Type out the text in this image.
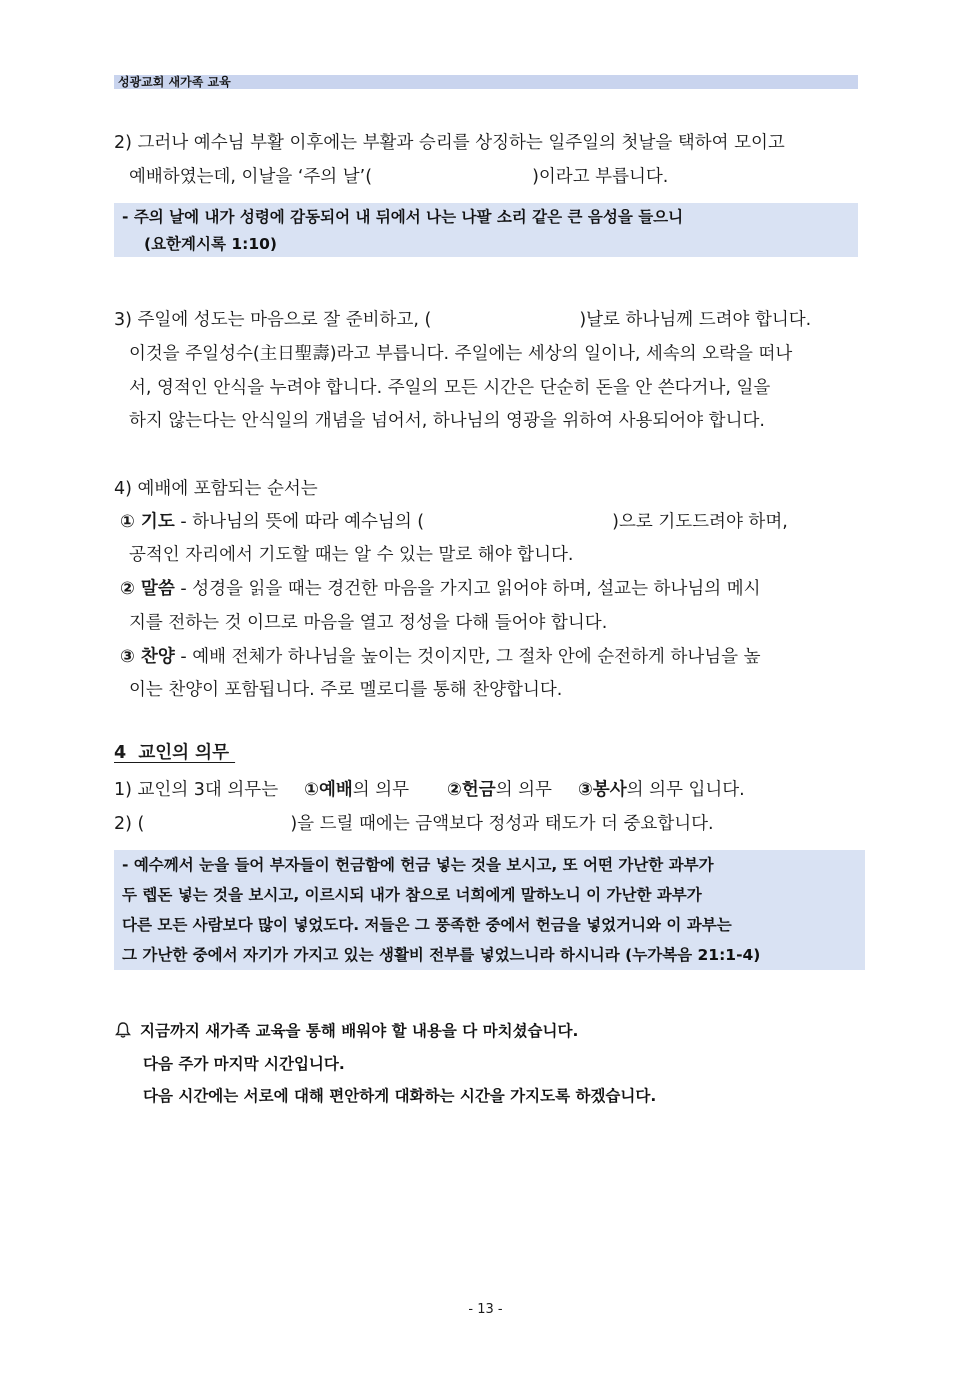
성광교회 새가족 교육
2) 그러나 예수님 부활 이후에는 부활과 승리를 상징하는 일주일의 첫날을 택하여 모이고
예배하였는데, 이날을 ‘주의 날’(	)이라고 부릅니다.
- 주의 날에 내가 성령에 감동되어 내 뒤에서 나는 나팔 소리 같은 큰 음성을 들으니
(요한계시록 1:10)
3) 주일에 성도는 마음으로 잘 준비하고, (	)날로 하나님께 드려야 합니다.
이것을 주일성수(主日聖壽)라고 부릅니다. 주일에는 세상의 일이나, 세속의 오락을 떠나
서, 영적인 안식을 누려야 합니다. 주일의 모든 시간은 단순히 돈을 안 쓴다거나, 일을
하지 않는다는 안식일의 개념을 넘어서, 하나님의 영광을 위하여 사용되어야 합니다.
4) 예배에 포함되는 순서는
① 기도 - 하나님의 뜻에 따라 예수님의 (	)으로 기도드려야 하며,
공적인 자리에서 기도할 때는 알 수 있는 말로 해야 합니다.
② 말씀 - 성경을 읽을 때는 경건한 마음을 가지고 읽어야 하며, 설교는 하나님의 메시
지를 전하는 것 이므로 마음을 열고 정성을 다해 들어야 합니다.
③ 찬양 - 예배 전체가 하나님을 높이는 것이지만, 그 절차 안에 순전하게 하나님을 높
이는 찬양이 포함됩니다. 주로 멜로디를 통해 찬양합니다.
4  교인의 의무
1) 교인의 3대 의무는 ①예배의 의무 ②헌금의 의무 ③봉사의 의무 입니다.
2) (	)을 드릴 때에는 금액보다 정성과 태도가 더 중요합니다.
- 예수께서 눈을 들어 부자들이 헌금함에 헌금 넣는 것을 보시고, 또 어떤 가난한 과부가
두 렙돈 넣는 것을 보시고, 이르시되 내가 참으로 너희에게 말하노니 이 가난한 과부가
다른 모든 사람보다 많이 넣었도다. 저들은 그 풍족한 중에서 헌금을 넣었거니와 이 과부는
그 가난한 중에서 자기가 가지고 있는 생활비 전부를 넣었느니라 하시니라 (누가복음 21:1-4)
지금까지 새가족 교육을 통해 배워야 할 내용을 다 마치셨습니다.
다음 주가 마지막 시간입니다.
다음 시간에는 서로에 대해 편안하게 대화하는 시간을 가지도록 하겠습니다.
- 13 -
